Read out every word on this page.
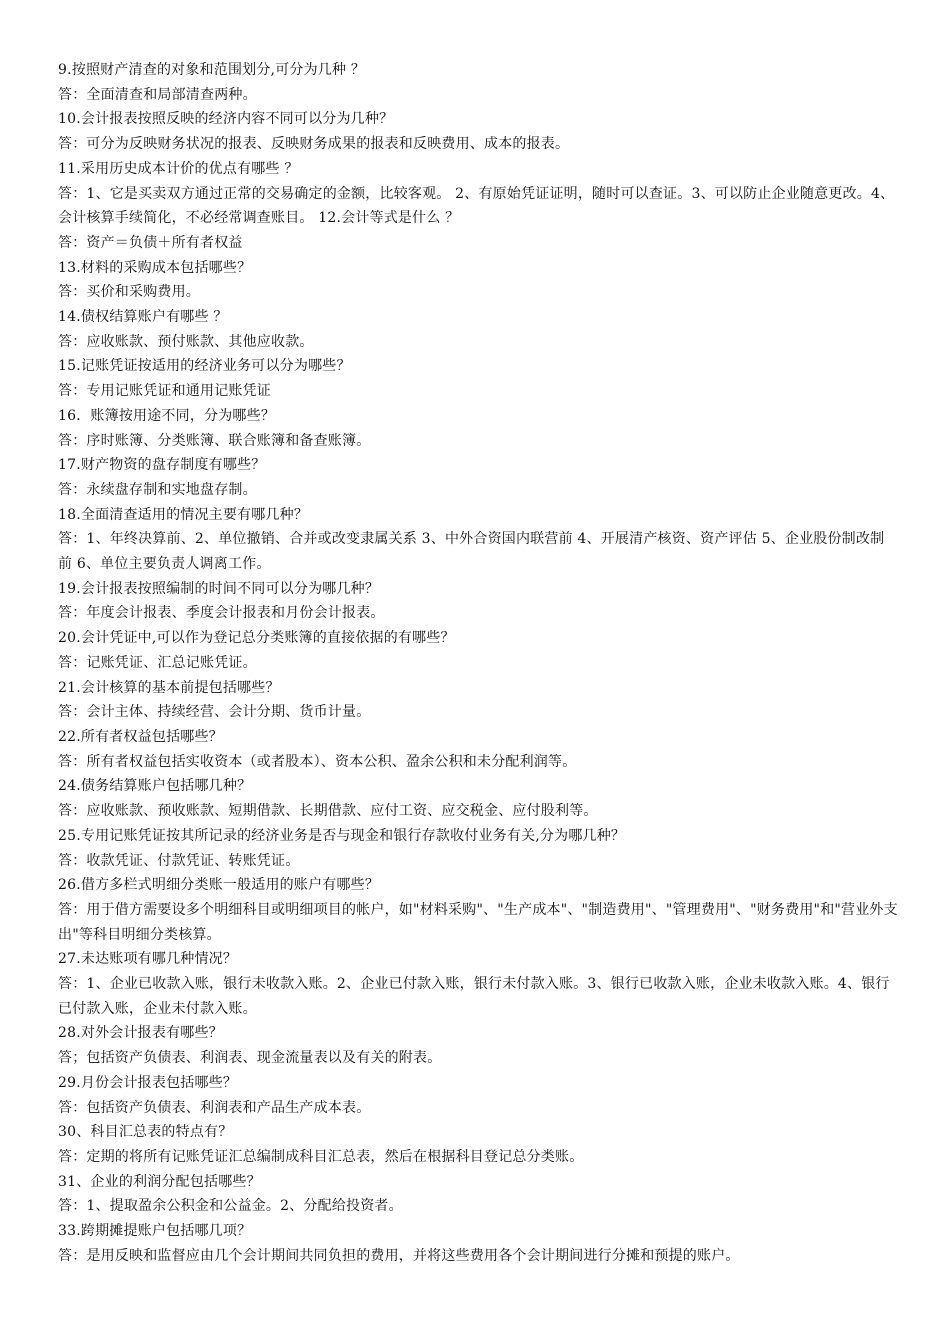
9.按照财产清查的对象和范围划分,可分为几种 ？

答：全面清查和局部清查两种。

10.会计报表按照反映的经济内容不同可以分为几种？

答：可分为反映财务状况的报表、反映财务成果的报表和反映费用、成本的报表。

11.采用历史成本计价的优点有哪些 ？

答：1、它是买卖双方通过正常的交易确定的金额，比较客观。 2、有原始凭证证明，随时可以查证。3、可以防止企业随意更改。4、会计核算手续简化，不必经常调查账目。 12.会计等式是什么 ？

答：资产＝负债＋所有者权益

13.材料的采购成本包括哪些？

答：买价和采购费用。

14.债权结算账户有哪些 ？

答：应收账款、预付账款、其他应收款。

15.记账凭证按适用的经济业务可以分为哪些？

答：专用记账凭证和通用记账凭证

16．账簿按用途不同，分为哪些？

答：序时账簿、分类账簿、联合账簿和备查账簿。

17.财产物资的盘存制度有哪些？

答：永续盘存制和实地盘存制。

18.全面清查适用的情况主要有哪几种？

答：1、年终决算前、2、单位撤销、合并或改变隶属关系 3、中外合资国内联营前 4、开展清产核资、资产评估 5、企业股份制改制前 6、单位主要负责人调离工作。

19.会计报表按照编制的时间不同可以分为哪几种？

答：年度会计报表、季度会计报表和月份会计报表。

20.会计凭证中,可以作为登记总分类账簿的直接依据的有哪些？

答：记账凭证、汇总记账凭证。

21.会计核算的基本前提包括哪些？

答：会计主体、持续经营、会计分期、货币计量。

22.所有者权益包括哪些？

答：所有者权益包括实收资本（或者股本）、资本公积、盈余公积和未分配利润等。

24.债务结算账户包括哪几种？

答：应收账款、预收账款、短期借款、长期借款、应付工资、应交税金、应付股利等。

25.专用记账凭证按其所记录的经济业务是否与现金和银行存款收付业务有关,分为哪几种？

答：收款凭证、付款凭证、转账凭证。

26.借方多栏式明细分类账一般适用的账户有哪些？

答：用于借方需要设多个明细科目或明细项目的帐户，如"材料采购"、"生产成本"、"制造费用"、"管理费用"、"财务费用"和"营业外支出"等科目明细分类核算。

27.未达账项有哪几种情况？

答：1、企业已收款入账，银行未收款入账。2、企业已付款入账，银行未付款入账。3、银行已收款入账，企业未收款入账。4、银行已付款入账，企业未付款入账。

28.对外会计报表有哪些？

答；包括资产负债表、利润表、现金流量表以及有关的附表。

29.月份会计报表包括哪些？

答：包括资产负债表、利润表和产品生产成本表。

30、科目汇总表的特点有？

答：定期的将所有记账凭证汇总编制成科目汇总表，然后在根据科目登记总分类账。

31、企业的利润分配包括哪些？

答：1、提取盈余公积金和公益金。2、分配给投资者。

33.跨期摊提账户包括哪几项？

答：是用反映和监督应由几个会计期间共同负担的费用，并将这些费用各个会计期间进行分摊和预提的账户。
